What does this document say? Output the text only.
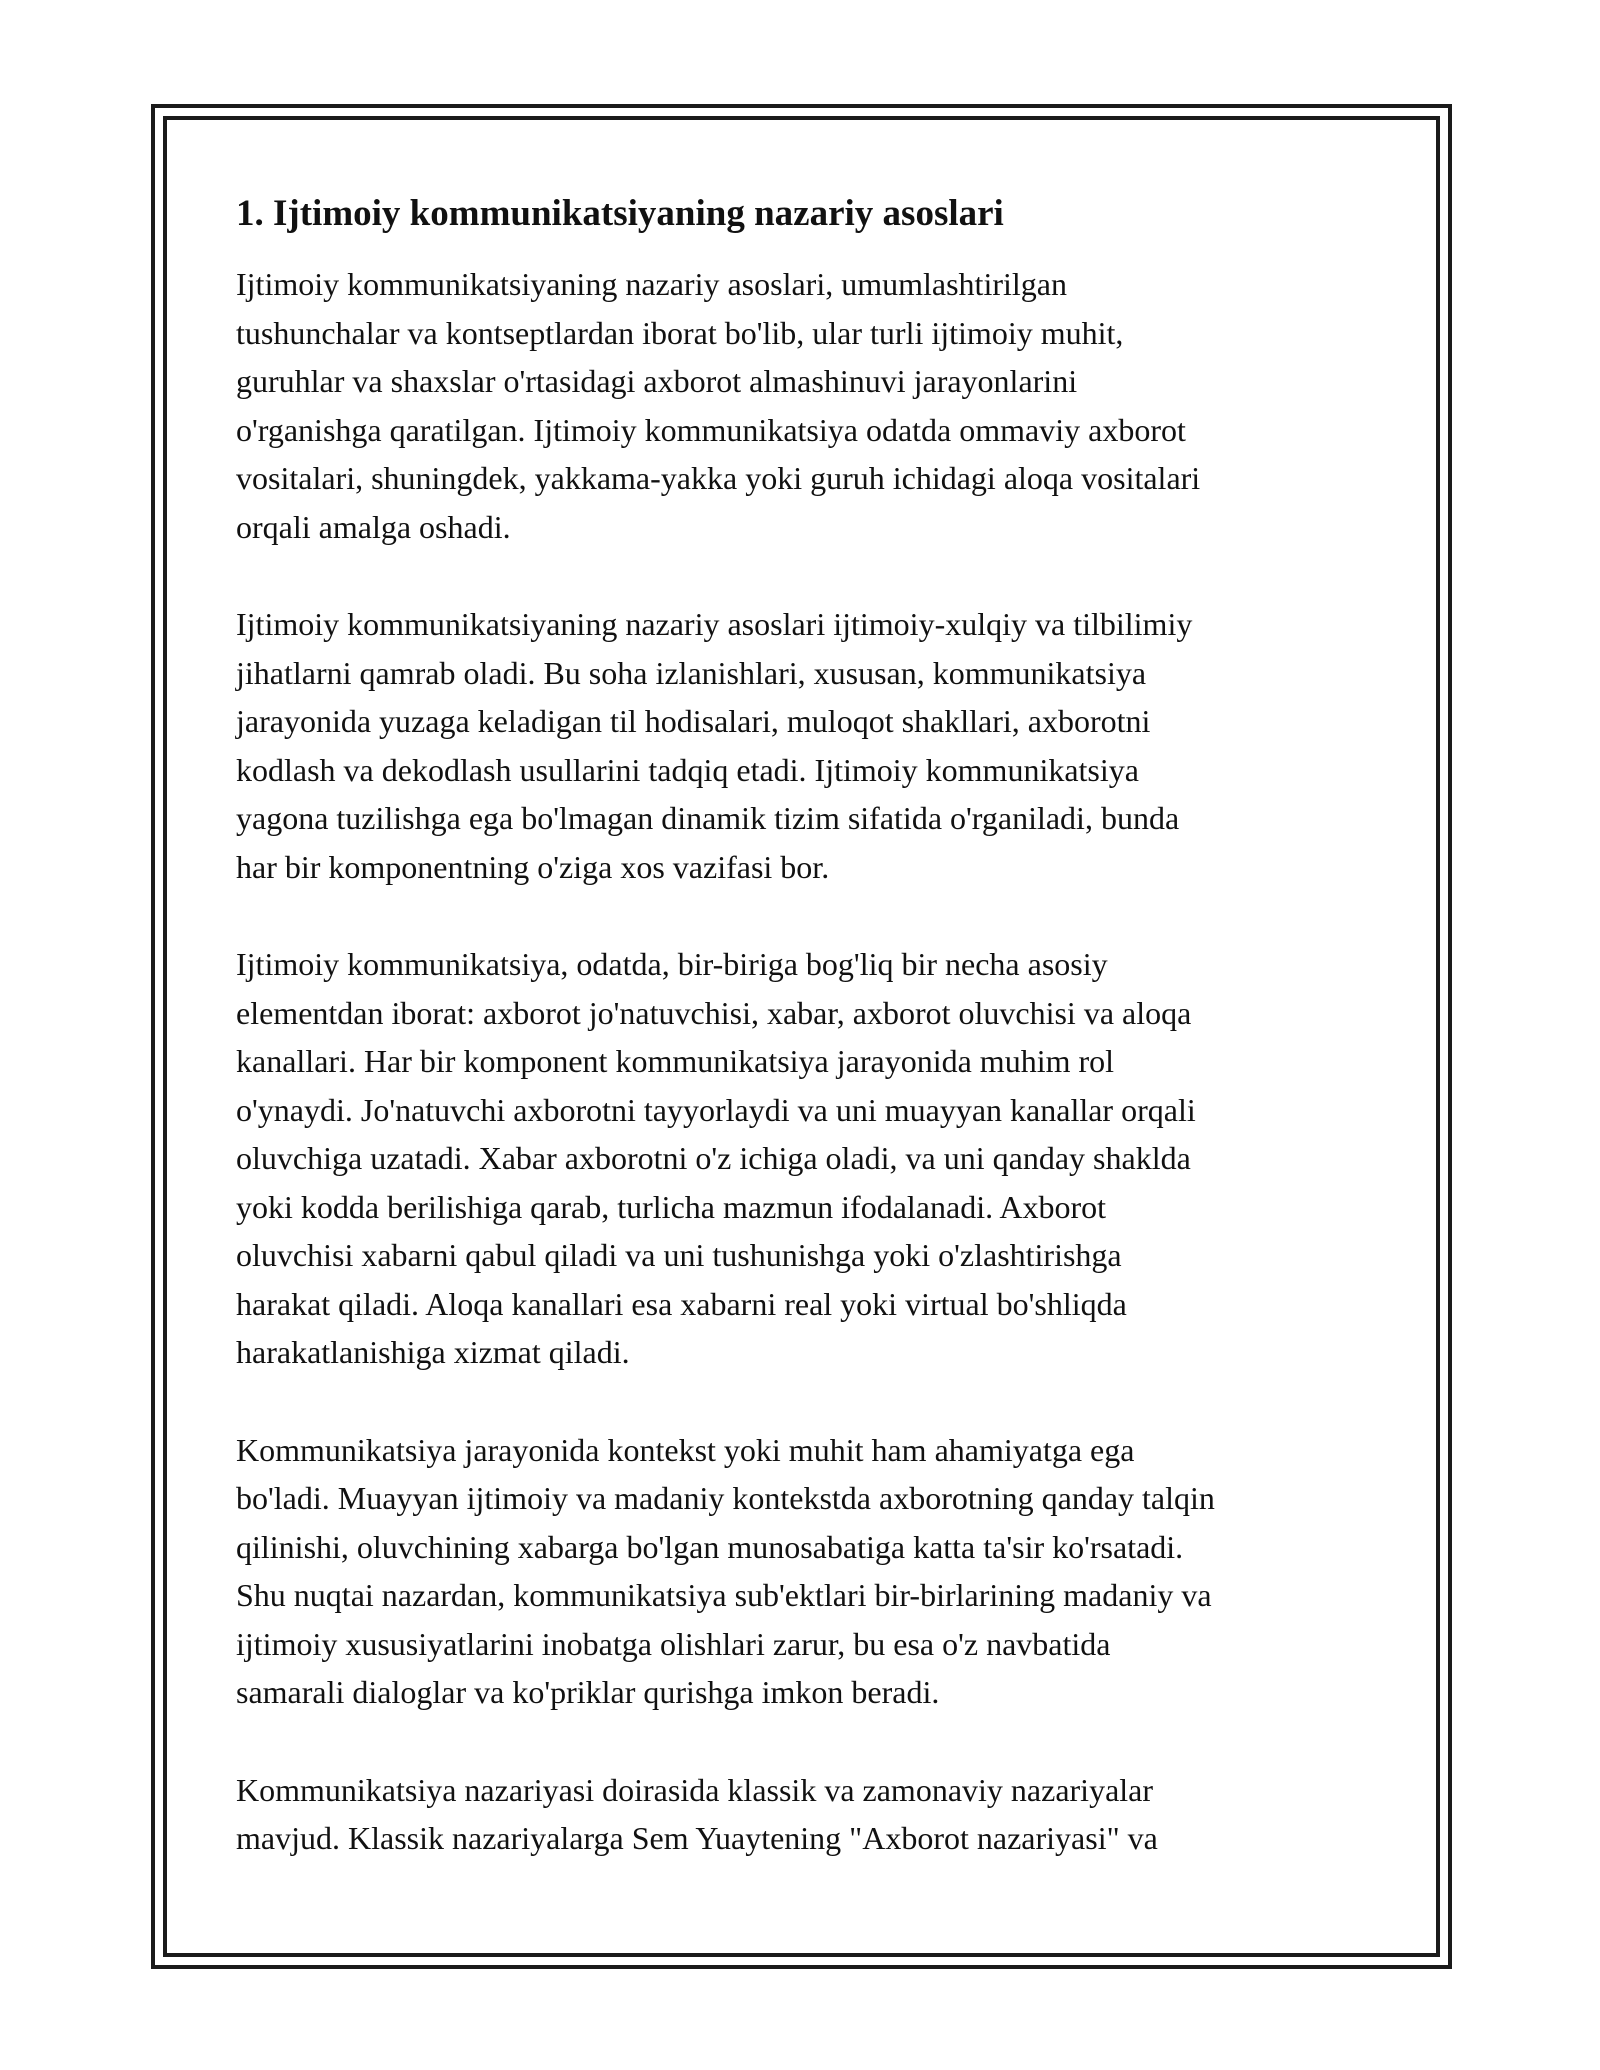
1. Ijtimoiy kommunikatsiyaning nazariy asoslari

Ijtimoiy kommunikatsiyaning nazariy asoslari, umumlashtirilgan
tushunchalar va kontseptlardan iborat bo'lib, ular turli ijtimoiy muhit,
guruhlar va shaxslar o'rtasidagi axborot almashinuvi jarayonlarini
o'rganishga qaratilgan. Ijtimoiy kommunikatsiya odatda ommaviy axborot
vositalari, shuningdek, yakkama-yakka yoki guruh ichidagi aloqa vositalari
orqali amalga oshadi.

Ijtimoiy kommunikatsiyaning nazariy asoslari ijtimoiy-xulqiy va tilbilimiy
jihatlarni qamrab oladi. Bu soha izlanishlari, xususan, kommunikatsiya
jarayonida yuzaga keladigan til hodisalari, muloqot shakllari, axborotni
kodlash va dekodlash usullarini tadqiq etadi. Ijtimoiy kommunikatsiya
yagona tuzilishga ega bo'lmagan dinamik tizim sifatida o'rganiladi, bunda
har bir komponentning o'ziga xos vazifasi bor.

Ijtimoiy kommunikatsiya, odatda, bir-biriga bog'liq bir necha asosiy
elementdan iborat: axborot jo'natuvchisi, xabar, axborot oluvchisi va aloqa
kanallari. Har bir komponent kommunikatsiya jarayonida muhim rol
o'ynaydi. Jo'natuvchi axborotni tayyorlaydi va uni muayyan kanallar orqali
oluvchiga uzatadi. Xabar axborotni o'z ichiga oladi, va uni qanday shaklda
yoki kodda berilishiga qarab, turlicha mazmun ifodalanadi. Axborot
oluvchisi xabarni qabul qiladi va uni tushunishga yoki o'zlashtirishga
harakat qiladi. Aloqa kanallari esa xabarni real yoki virtual bo'shliqda
harakatlanishiga xizmat qiladi.

Kommunikatsiya jarayonida kontekst yoki muhit ham ahamiyatga ega
bo'ladi. Muayyan ijtimoiy va madaniy kontekstda axborotning qanday talqin
qilinishi, oluvchining xabarga bo'lgan munosabatiga katta ta'sir ko'rsatadi.
Shu nuqtai nazardan, kommunikatsiya sub'ektlari bir-birlarining madaniy va
ijtimoiy xususiyatlarini inobatga olishlari zarur, bu esa o'z navbatida
samarali dialoglar va ko'priklar qurishga imkon beradi.

Kommunikatsiya nazariyasi doirasida klassik va zamonaviy nazariyalar
mavjud. Klassik nazariyalarga Sem Yuaytening "Axborot nazariyasi" va
